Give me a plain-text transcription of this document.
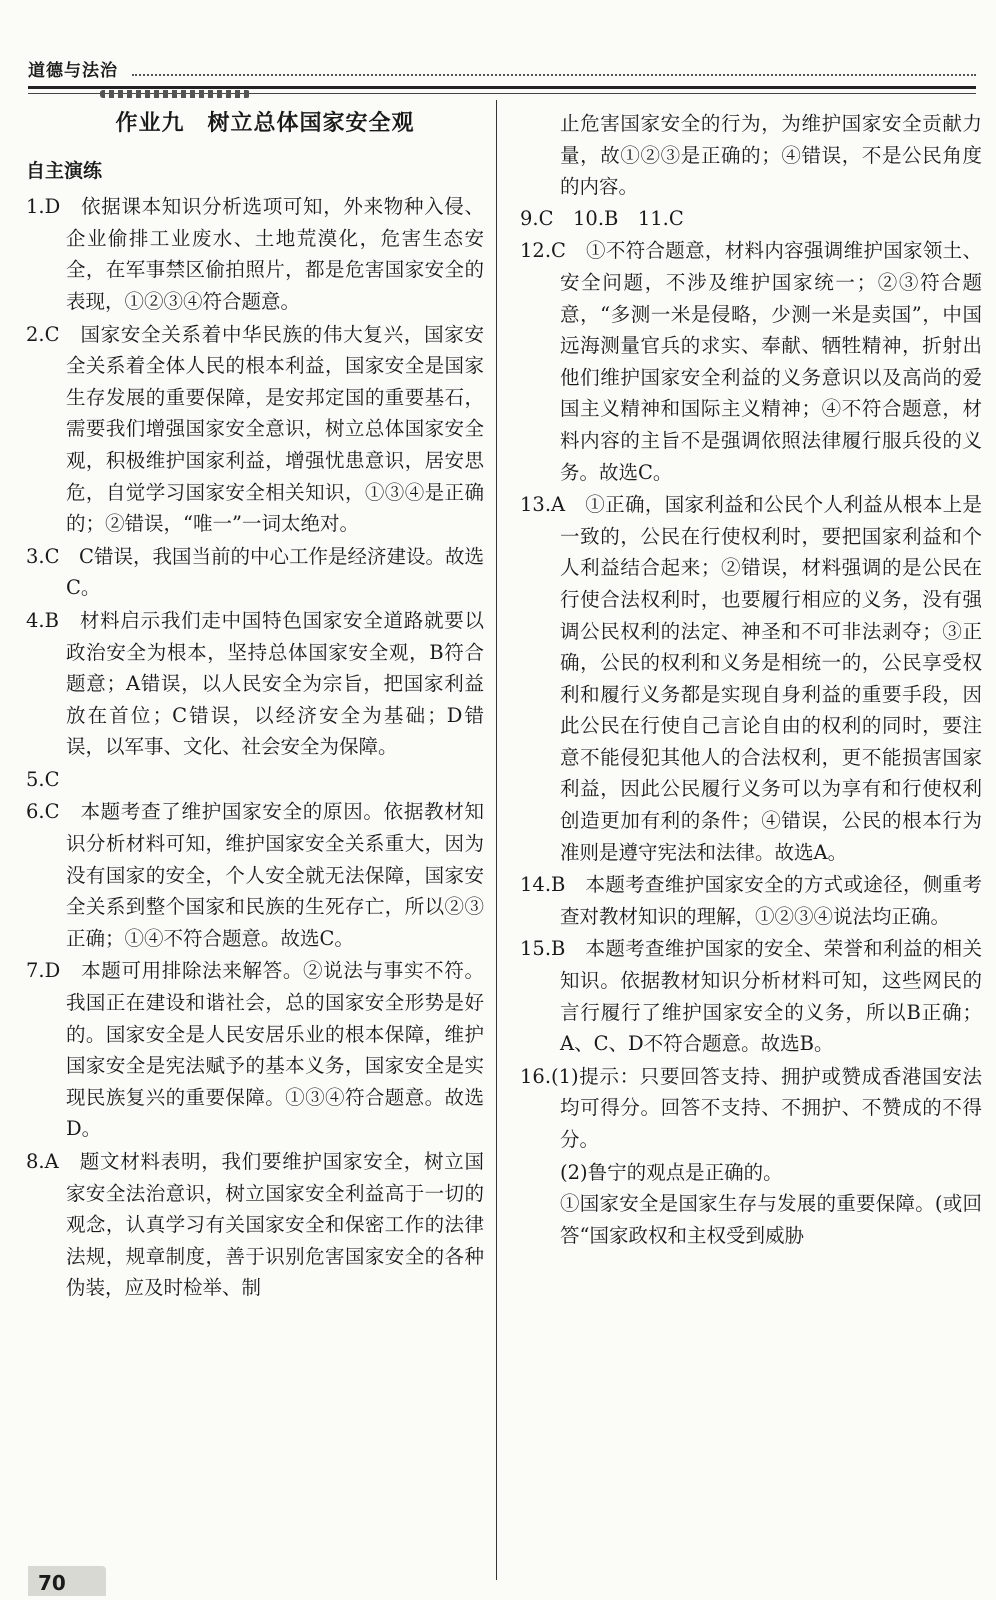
道德与法治
作业九　树立总体国家安全观
自主演练
1.D　依据课本知识分析选项可知，外来物种入侵、企业偷排工业废水、土地荒漠化，危害生态安全，在军事禁区偷拍照片，都是危害国家安全的表现，①②③④符合题意。
2.C　国家安全关系着中华民族的伟大复兴，国家安全关系着全体人民的根本利益，国家安全是国家生存发展的重要保障，是安邦定国的重要基石，需要我们增强国家安全意识，树立总体国家安全观，积极维护国家利益，增强忧患意识，居安思危，自觉学习国家安全相关知识，①③④是正确的；②错误，“唯一”一词太绝对。
3.C　C错误，我国当前的中心工作是经济建设。故选C。
4.B　材料启示我们走中国特色国家安全道路就要以政治安全为根本，坚持总体国家安全观，B符合题意；A错误，以人民安全为宗旨，把国家利益放在首位；C错误，以经济安全为基础；D错误，以军事、文化、社会安全为保障。
5.C
6.C　本题考查了维护国家安全的原因。依据教材知识分析材料可知，维护国家安全关系重大，因为没有国家的安全，个人安全就无法保障，国家安全关系到整个国家和民族的生死存亡，所以②③正确；①④不符合题意。故选C。
7.D　本题可用排除法来解答。②说法与事实不符。我国正在建设和谐社会，总的国家安全形势是好的。国家安全是人民安居乐业的根本保障，维护国家安全是宪法赋予的基本义务，国家安全是实现民族复兴的重要保障。①③④符合题意。故选D。
8.A　题文材料表明，我们要维护国家安全，树立国家安全法治意识，树立国家安全利益高于一切的观念，认真学习有关国家安全和保密工作的法律法规，规章制度，善于识别危害国家安全的各种伪装，应及时检举、制
止危害国家安全的行为，为维护国家安全贡献力量，故①②③是正确的；④错误，不是公民角度的内容。
9.C　10.B　11.C
12.C　①不符合题意，材料内容强调维护国家领土、安全问题，不涉及维护国家统一；②③符合题意，“多测一米是侵略，少测一米是卖国”，中国远海测量官兵的求实、奉献、牺牲精神，折射出他们维护国家安全利益的义务意识以及高尚的爱国主义精神和国际主义精神；④不符合题意，材料内容的主旨不是强调依照法律履行服兵役的义务。故选C。
13.A　①正确，国家利益和公民个人利益从根本上是一致的，公民在行使权利时，要把国家利益和个人利益结合起来；②错误，材料强调的是公民在行使合法权利时，也要履行相应的义务，没有强调公民权利的法定、神圣和不可非法剥夺；③正确，公民的权利和义务是相统一的，公民享受权利和履行义务都是实现自身利益的重要手段，因此公民在行使自己言论自由的权利的同时，要注意不能侵犯其他人的合法权利，更不能损害国家利益，因此公民履行义务可以为享有和行使权利创造更加有利的条件；④错误，公民的根本行为准则是遵守宪法和法律。故选A。
14.B　本题考查维护国家安全的方式或途径，侧重考查对教材知识的理解，①②③④说法均正确。
15.B　本题考查维护国家的安全、荣誉和利益的相关知识。依据教材知识分析材料可知，这些网民的言行履行了维护国家安全的义务，所以B正确；A、C、D不符合题意。故选B。
16.(1)提示：只要回答支持、拥护或赞成香港国安法均可得分。回答不支持、不拥护、不赞成的不得分。
(2)鲁宁的观点是正确的。
①国家安全是国家生存与发展的重要保障。(或回答“国家政权和主权受到威胁
70
